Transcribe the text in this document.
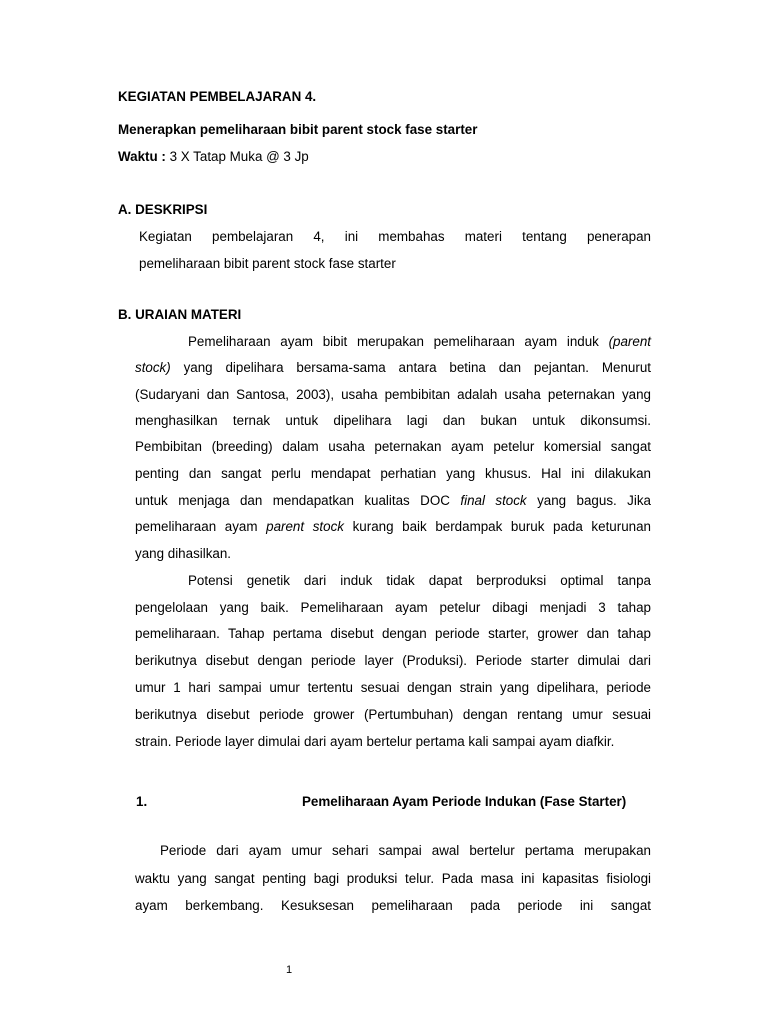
KEGIATAN PEMBELAJARAN 4.
Menerapkan pemeliharaan bibit parent stock fase starter
Waktu : 3 X Tatap Muka @ 3 Jp
A. DESKRIPSI
Kegiatan pembelajaran 4, ini membahas materi tentang penerapan
pemeliharaan bibit parent stock fase starter
B. URAIAN MATERI
Pemeliharaan ayam bibit merupakan pemeliharaan ayam induk (parent
stock) yang dipelihara bersama-sama antara betina dan pejantan. Menurut
(Sudaryani dan Santosa, 2003), usaha pembibitan adalah usaha peternakan yang
menghasilkan ternak untuk dipelihara lagi dan bukan untuk dikonsumsi.
Pembibitan (breeding) dalam usaha peternakan ayam petelur komersial sangat
penting dan sangat perlu mendapat perhatian yang khusus. Hal ini dilakukan
untuk menjaga dan mendapatkan kualitas DOC final stock yang bagus. Jika
pemeliharaan ayam parent stock kurang baik berdampak buruk pada keturunan
yang dihasilkan.
Potensi genetik dari induk tidak dapat berproduksi optimal tanpa
pengelolaan yang baik. Pemeliharaan ayam petelur dibagi menjadi 3 tahap
pemeliharaan. Tahap pertama disebut dengan periode starter, grower dan tahap
berikutnya disebut dengan periode layer (Produksi). Periode starter dimulai dari
umur 1 hari sampai umur tertentu sesuai dengan strain yang dipelihara, periode
berikutnya disebut periode grower (Pertumbuhan) dengan rentang umur sesuai
strain. Periode layer dimulai dari ayam bertelur pertama kali sampai ayam diafkir.
1.	Pemeliharaan Ayam Periode Indukan (Fase Starter)
Periode dari ayam umur sehari sampai awal bertelur pertama merupakan
waktu yang sangat penting bagi produksi telur. Pada masa ini kapasitas fisiologi
ayam berkembang. Kesuksesan pemeliharaan pada periode ini sangat
1
